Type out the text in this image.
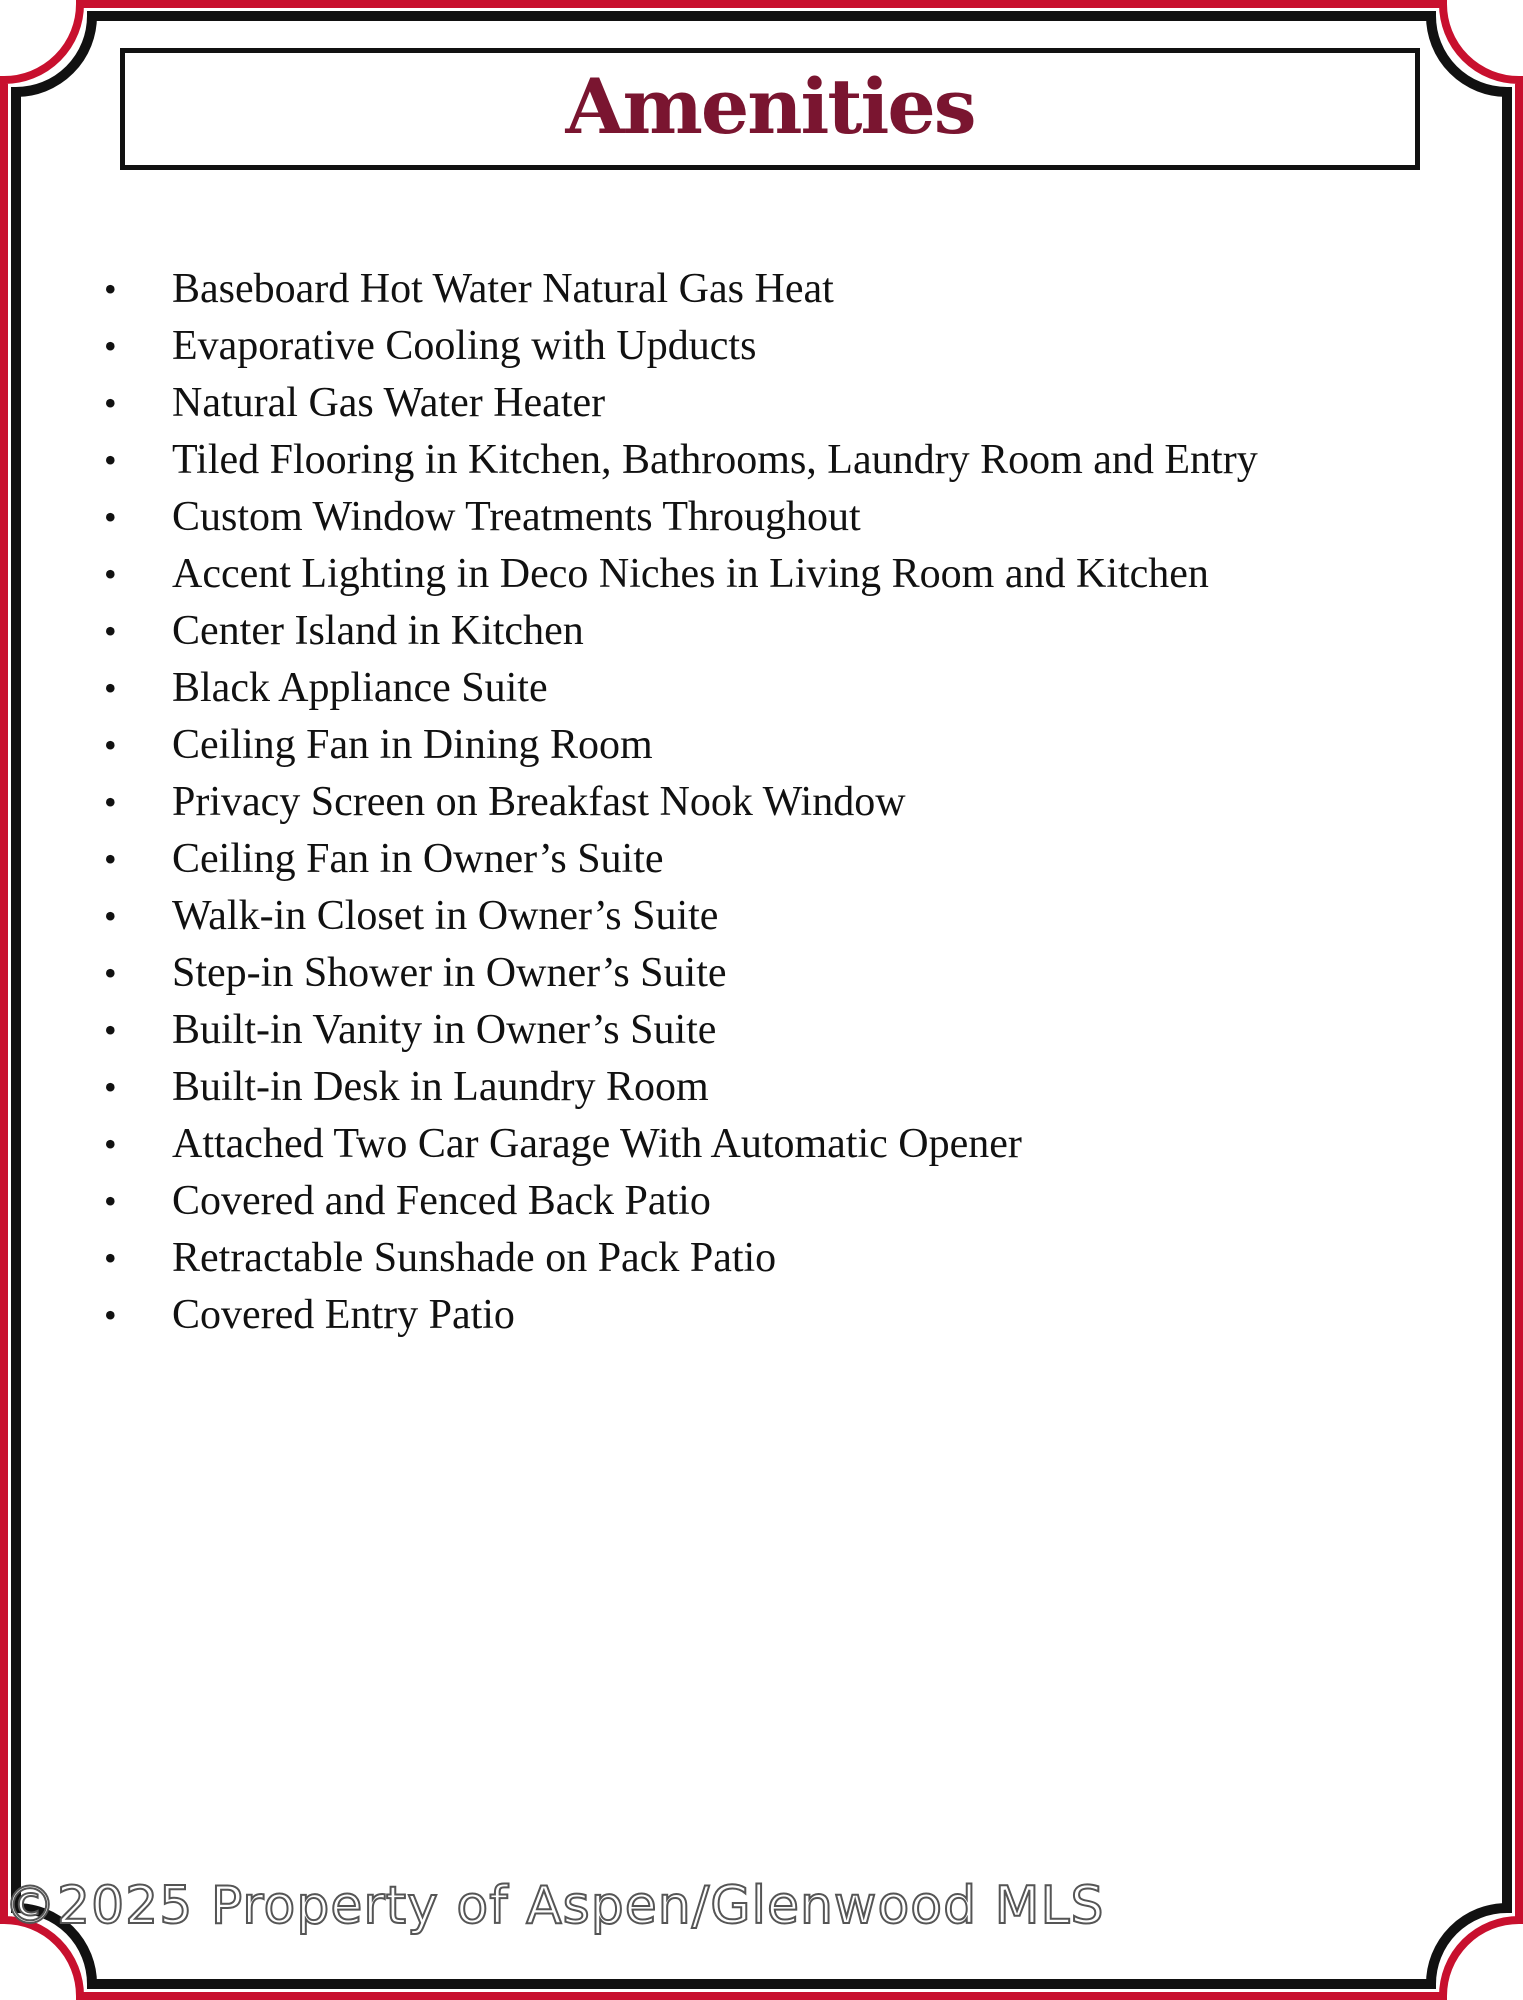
Amenities
•	Baseboard Hot Water Natural Gas Heat
•	Evaporative Cooling with Upducts
•	Natural Gas Water Heater
•	Tiled Flooring in Kitchen, Bathrooms, Laundry Room and Entry
•	Custom Window Treatments Throughout
•	Accent Lighting in Deco Niches in Living Room and Kitchen
•	Center Island in Kitchen
•	Black Appliance Suite
•	Ceiling Fan in Dining Room
•	Privacy Screen on Breakfast Nook Window
•	Ceiling Fan in Owner’s Suite
•	Walk-in Closet in Owner’s Suite
•	Step-in Shower in Owner’s Suite
•	Built-in Vanity in Owner’s Suite
•	Built-in Desk in Laundry Room
•	Attached Two Car Garage With Automatic Opener
•	Covered and Fenced Back Patio
•	Retractable Sunshade on Pack Patio
•	Covered Entry Patio
©2025 Property of Aspen/Glenwood MLS
